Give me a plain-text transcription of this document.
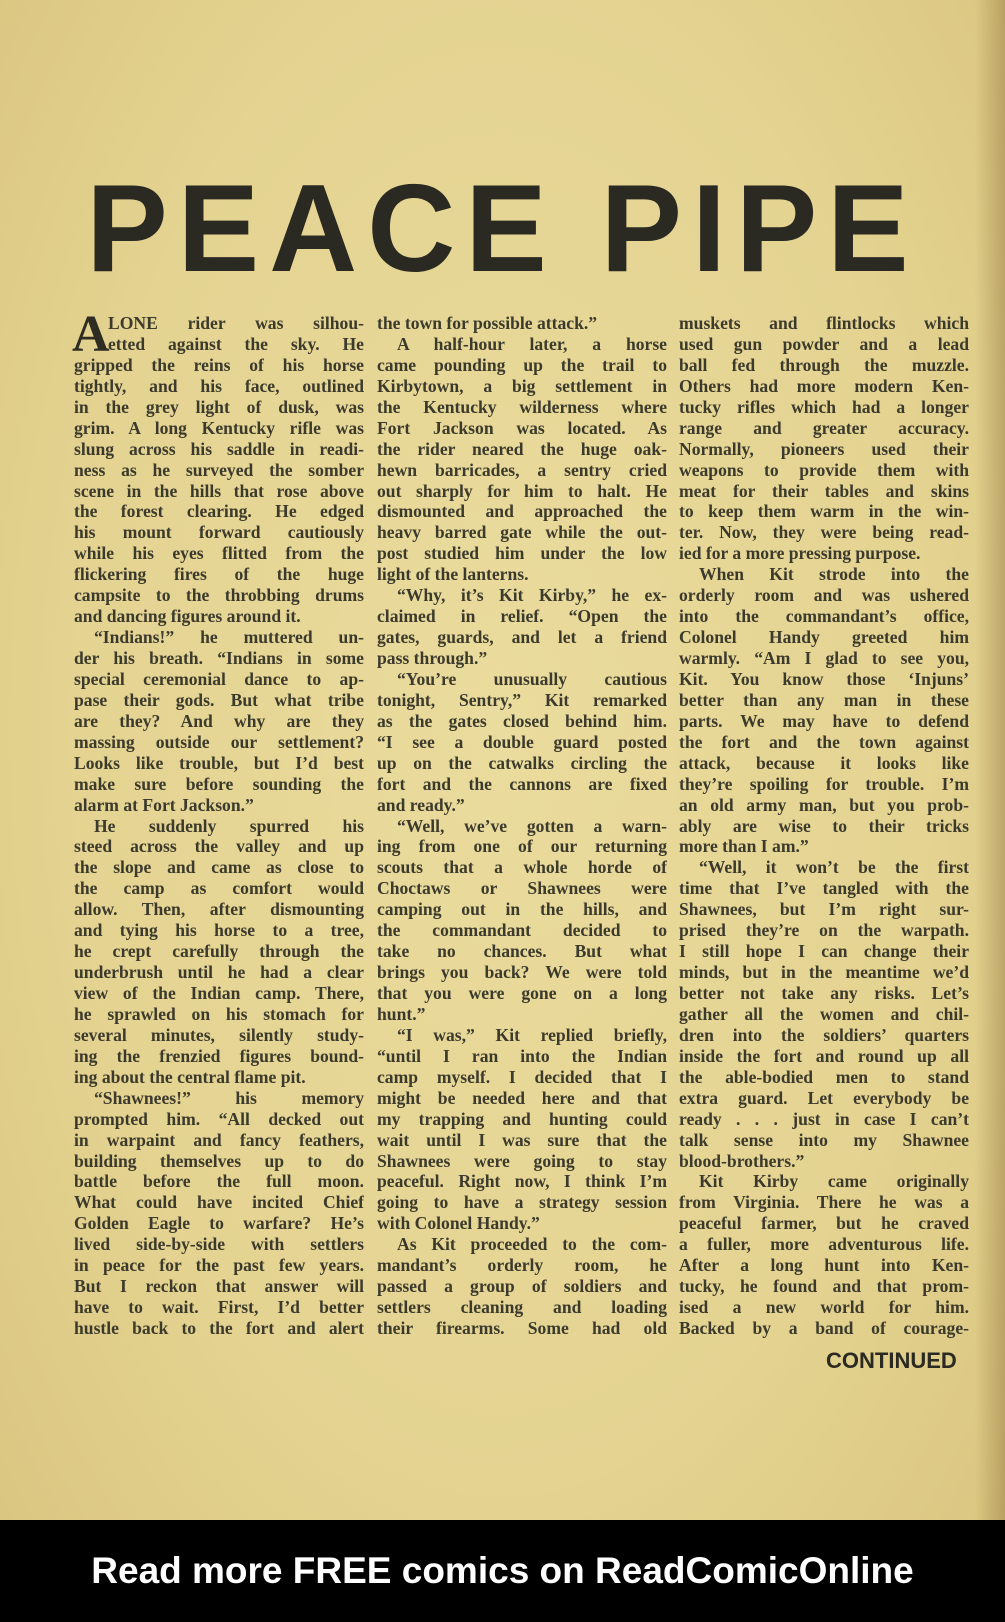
PEACE PIPE
A
LONE rider was silhou-
etted against the sky. He
gripped the reins of his horse
tightly, and his face, outlined
in the grey light of dusk, was
grim. A long Kentucky rifle was
slung across his saddle in readi-
ness as he surveyed the somber
scene in the hills that rose above
the forest clearing. He edged
his mount forward cautiously
while his eyes flitted from the
flickering fires of the huge
campsite to the throbbing drums
and dancing figures around it.
“Indians!” he muttered un-
der his breath. “Indians in some
special ceremonial dance to ap-
pase their gods. But what tribe
are they? And why are they
massing outside our settlement?
Looks like trouble, but I’d best
make sure before sounding the
alarm at Fort Jackson.”
He suddenly spurred his
steed across the valley and up
the slope and came as close to
the camp as comfort would
allow. Then, after dismounting
and tying his horse to a tree,
he crept carefully through the
underbrush until he had a clear
view of the Indian camp. There,
he sprawled on his stomach for
several minutes, silently study-
ing the frenzied figures bound-
ing about the central flame pit.
“Shawnees!” his memory
prompted him. “All decked out
in warpaint and fancy feathers,
building themselves up to do
battle before the full moon.
What could have incited Chief
Golden Eagle to warfare? He’s
lived side-by-side with settlers
in peace for the past few years.
But I reckon that answer will
have to wait. First, I’d better
hustle back to the fort and alert
the town for possible attack.”
A half-hour later, a horse
came pounding up the trail to
Kirbytown, a big settlement in
the Kentucky wilderness where
Fort Jackson was located. As
the rider neared the huge oak-
hewn barricades, a sentry cried
out sharply for him to halt. He
dismounted and approached the
heavy barred gate while the out-
post studied him under the low
light of the lanterns.
“Why, it’s Kit Kirby,” he ex-
claimed in relief. “Open the
gates, guards, and let a friend
pass through.”
“You’re unusually cautious
tonight, Sentry,” Kit remarked
as the gates closed behind him.
“I see a double guard posted
up on the catwalks circling the
fort and the cannons are fixed
and ready.”
“Well, we’ve gotten a warn-
ing from one of our returning
scouts that a whole horde of
Choctaws or Shawnees were
camping out in the hills, and
the commandant decided to
take no chances. But what
brings you back? We were told
that you were gone on a long
hunt.”
“I was,” Kit replied briefly,
“until I ran into the Indian
camp myself. I decided that I
might be needed here and that
my trapping and hunting could
wait until I was sure that the
Shawnees were going to stay
peaceful. Right now, I think I’m
going to have a strategy session
with Colonel Handy.”
As Kit proceeded to the com-
mandant’s orderly room, he
passed a group of soldiers and
settlers cleaning and loading
their firearms. Some had old
muskets and flintlocks which
used gun powder and a lead
ball fed through the muzzle.
Others had more modern Ken-
tucky rifles which had a longer
range and greater accuracy.
Normally, pioneers used their
weapons to provide them with
meat for their tables and skins
to keep them warm in the win-
ter. Now, they were being read-
ied for a more pressing purpose.
When Kit strode into the
orderly room and was ushered
into the commandant’s office,
Colonel Handy greeted him
warmly. “Am I glad to see you,
Kit. You know those ‘Injuns’
better than any man in these
parts. We may have to defend
the fort and the town against
attack, because it looks like
they’re spoiling for trouble. I’m
an old army man, but you prob-
ably are wise to their tricks
more than I am.”
“Well, it won’t be the first
time that I’ve tangled with the
Shawnees, but I’m right sur-
prised they’re on the warpath.
I still hope I can change their
minds, but in the meantime we’d
better not take any risks. Let’s
gather all the women and chil-
dren into the soldiers’ quarters
inside the fort and round up all
the able-bodied men to stand
extra guard. Let everybody be
ready . . . just in case I can’t
talk sense into my Shawnee
blood-brothers.”
Kit Kirby came originally
from Virginia. There he was a
peaceful farmer, but he craved
a fuller, more adventurous life.
After a long hunt into Ken-
tucky, he found and that prom-
ised a new world for him.
Backed by a band of courage-
CONTINUED
Read more FREE comics on ReadComicOnline
